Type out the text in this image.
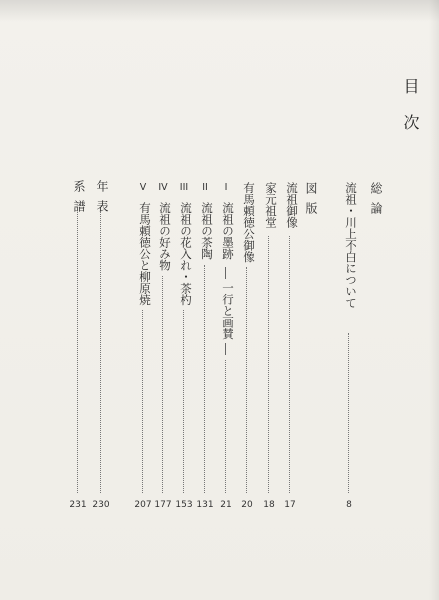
目次
総論
流祖・川上不白について
8
図版
流祖御像
17
家元祖堂
18
有馬頼徳公御像
20
I
流祖の墨跡
一行と画賛
21
II
流祖の茶陶
131
III
流祖の花入れ・茶杓
153
IV
流祖の好み物
177
V
有馬頼徳公と柳原焼
207
年表
230
系譜
231
